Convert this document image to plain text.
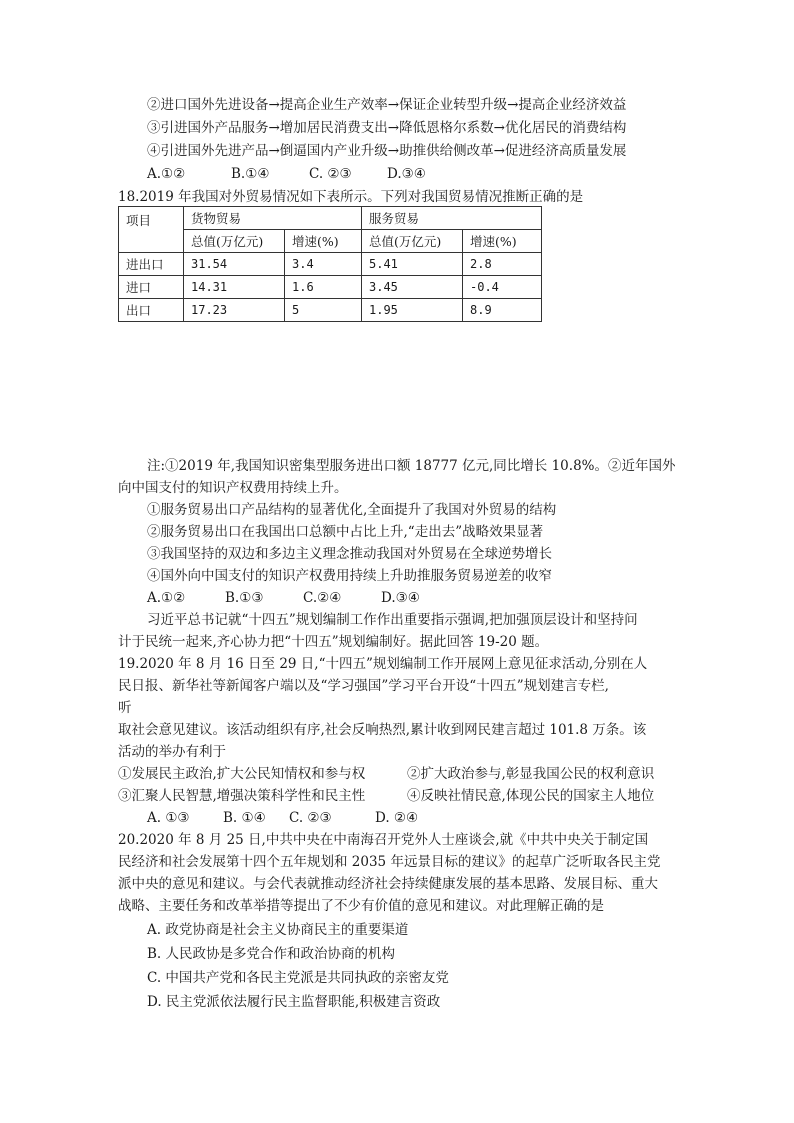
②进口国外先进设备→提高企业生产效率→保证企业转型升级→提高企业经济效益
③引进国外产品服务→增加居民消费支出→降低恩格尔系数→优化居民的消费结构
④引进国外先进产品→倒逼国内产业升级→助推供给侧改革→促进经济高质量发展
A.①②	B.①④	C. ②③	D.③④
18.2019 年我国对外贸易情况如下表所示。下列对我国贸易情况推断正确的是
项目	货物贸易		服务贸易	
	总值(万亿元)	增速(%)	总值(万亿元)	增速(%)
进出口	31.54	3.4	5.41	2.8
进口	14.31	1.6	3.45	-0.4
出口	17.23	5	1.95	8.9
注:①2019 年,我国知识密集型服务进出口额 18777 亿元,同比增长 10.8%。②近年国外
向中国支付的知识产权费用持续上升。
①服务贸易出口产品结构的显著优化,全面提升了我国对外贸易的结构
②服务贸易出口在我国出口总额中占比上升,“走出去”战略效果显著
③我国坚持的双边和多边主义理念推动我国对外贸易在全球逆势增长
④国外向中国支付的知识产权费用持续上升助推服务贸易逆差的收窄
A.①②	B.①③	C.②④	D.③④
习近平总书记就“十四五”规划编制工作作出重要指示强调,把加强顶层设计和坚持问
计于民统一起来,齐心协力把“十四五”规划编制好。据此回答 19-20 题。
19.2020 年 8 月 16 日至 29 日,“十四五”规划编制工作开展网上意见征求活动,分别在人
民日报、新华社等新闻客户端以及“学习强国”学习平台开设“十四五”规划建言专栏,
听
取社会意见建议。该活动组织有序,社会反响热烈,累计收到网民建言超过 101.8 万条。该
活动的举办有利于
①发展民主政治,扩大公民知情权和参与权	②扩大政治参与,彰显我国公民的权利意识
③汇聚人民智慧,增强决策科学性和民主性	④反映社情民意,体现公民的国家主人地位
A. ①③ B. ①④ C. ②③	D. ②④
20.2020 年 8 月 25 日,中共中央在中南海召开党外人士座谈会,就《中共中央关于制定国
民经济和社会发展第十四个五年规划和 2035 年远景目标的建议》的起草广泛听取各民主党
派中央的意见和建议。与会代表就推动经济社会持续健康发展的基本思路、发展目标、重大
战略、主要任务和改革举措等提出了不少有价值的意见和建议。对此理解正确的是
A. 政党协商是社会主义协商民主的重要渠道
B. 人民政协是多党合作和政治协商的机构
C. 中国共产党和各民主党派是共同执政的亲密友党
D. 民主党派依法履行民主监督职能,积极建言资政
